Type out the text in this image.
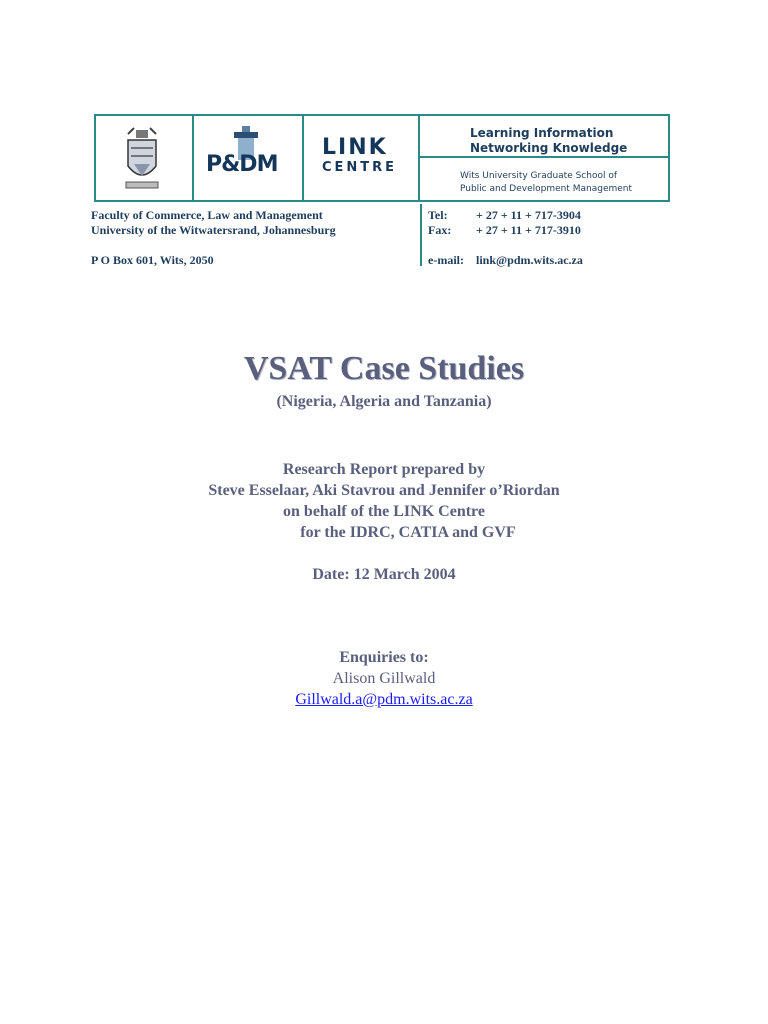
P&DM
LINK
CENTRE
Learning Information
Networking Knowledge
Wits University Graduate School of
Public and Development Management
Faculty of Commerce, Law and Management
University of the Witwatersrand, Johannesburg
P O Box 601, Wits, 2050
Tel: + 27 + 11 + 717-3904
Fax: + 27 + 11 + 717-3910
e-mail: link@pdm.wits.ac.za
VSAT Case Studies
(Nigeria, Algeria and Tanzania)
Research Report prepared by
Steve Esselaar, Aki Stavrou and Jennifer o’Riordan
on behalf of the LINK Centre
for the IDRC, CATIA and GVF
Date: 12 March 2004
Enquiries to:
Alison Gillwald
Gillwald.a@pdm.wits.ac.za
